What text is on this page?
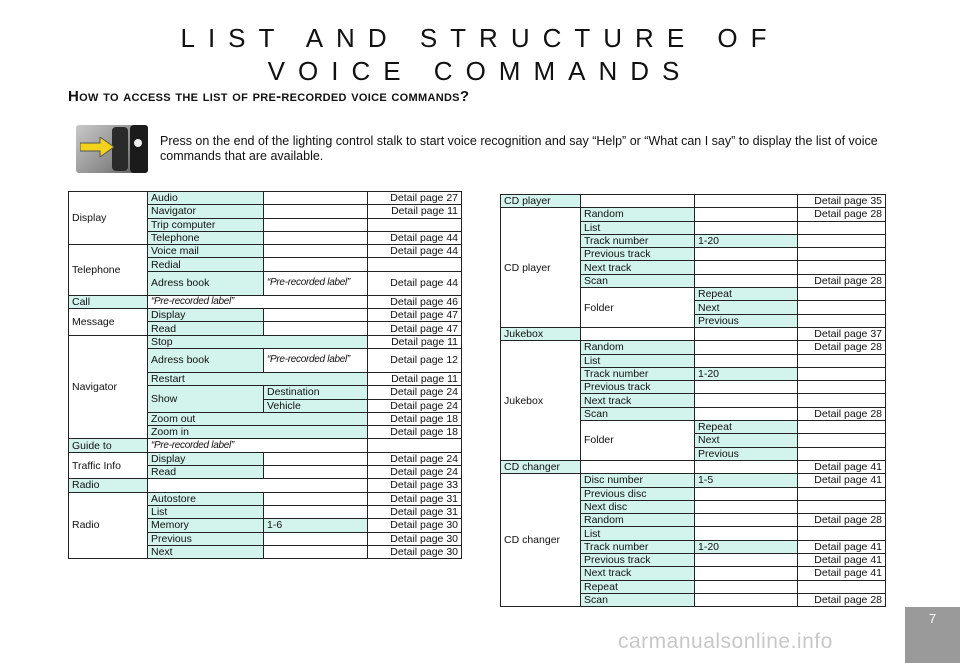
LIST AND STRUCTURE OF VOICE COMMANDS
How to access the list of pre-recorded voice commands?
Press on the end of the lighting control stalk to start voice recognition and say “Help” or “What can I say” to display the list of voice commands that are available.
Display	Audio		Detail page 27
	Navigator		Detail page 11
	Trip computer		
	Telephone		Detail page 44
Telephone	Voice mail		Detail page 44
	Redial		
	Adress book	“Pre-recorded label”	Detail page 44
Call	“Pre-recorded label”		Detail page 46
Message	Display		Detail page 47
	Read		Detail page 47
Navigator	Stop		Detail page 11
	Adress book	“Pre-recorded label”	Detail page 12
	Restart		Detail page 11
	Show	Destination	Detail page 24
		Vehicle	Detail page 24
	Zoom out		Detail page 18
	Zoom in		Detail page 18
Guide to	“Pre-recorded label”		
Traffic Info	Display		Detail page 24
	Read		Detail page 24
Radio			Detail page 33
Radio	Autostore		Detail page 31
	List		Detail page 31
	Memory	1-6	Detail page 30
	Previous		Detail page 30
	Next		Detail page 30
CD player			Detail page 35
CD player	Random		Detail page 28
	List		
	Track number	1-20	
	Previous track		
	Next track		
	Scan		Detail page 28
	Folder	Repeat	
		Next	
		Previous	
Jukebox			Detail page 37
Jukebox	Random		Detail page 28
	List		
	Track number	1-20	
	Previous track		
	Next track		
	Scan		Detail page 28
	Folder	Repeat	
		Next	
		Previous	
CD changer			Detail page 41
CD changer	Disc number	1-5	Detail page 41
	Previous disc		
	Next disc		
	Random		Detail page 28
	List		
	Track number	1-20	Detail page 41
	Previous track		Detail page 41
	Next track		Detail page 41
	Repeat		
	Scan		Detail page 28
7
carmanualsonline.info
